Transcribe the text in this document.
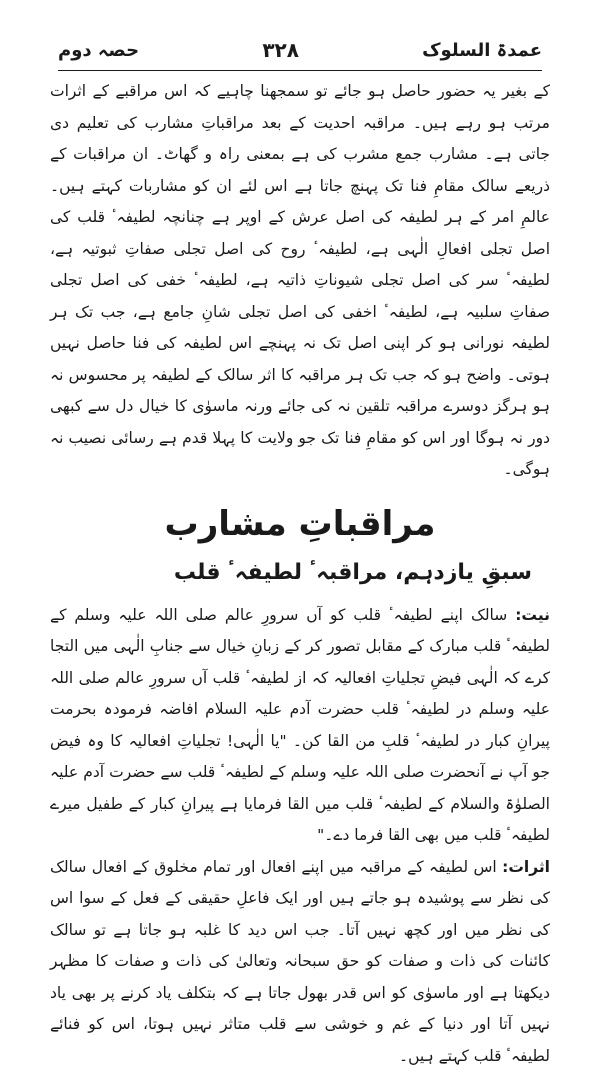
عمدۃ السلوک
۳۲۸
حصہ دوم

کے بغیر یہ حضور حاصل ہو جائے تو سمجھنا چاہیے کہ اس مراقبے کے اثرات مرتب ہو رہے ہیں۔ مراقبہ احدیت کے بعد مراقباتِ مشارب کی تعلیم دی جاتی ہے۔ مشارب جمع مشرب کی ہے بمعنی راہ و گھاٹ۔ ان مراقبات کے ذریعے سالک مقامِ فنا تک پہنچ جاتا ہے اس لئے ان کو مشاربات کہتے ہیں۔ عالمِ امر کے ہر لطیفہ کی اصل عرش کے اوپر ہے چنانچہ لطیفہٴ قلب کی اصل تجلی افعالِ الٰہی ہے، لطیفہٴ روح کی اصل تجلی صفاتِ ثبوتیہ ہے، لطیفہٴ سر کی اصل تجلی شیوناتِ ذاتیہ ہے، لطیفہٴ خفی کی اصل تجلی صفاتِ سلبیہ ہے، لطیفہٴ اخفی کی اصل تجلی شانِ جامع ہے، جب تک ہر لطیفہ نورانی ہو کر اپنی اصل تک نہ پہنچے اس لطیفہ کی فنا حاصل نہیں ہوتی۔ واضح ہو کہ جب تک ہر مراقبہ کا اثر سالک کے لطیفہ پر محسوس نہ ہو ہرگز دوسرے مراقبہ تلقین نہ کی جائے ورنہ ماسوٰی کا خیال دل سے کبھی دور نہ ہوگا اور اس کو مقامِ فنا تک جو ولایت کا پہلا قدم ہے رسائی نصیب نہ ہوگی۔

مراقباتِ مشارب
سبقِ یازدہم، مراقبہٴ لطیفہٴ قلب

نیت: سالک اپنے لطیفہٴ قلب کو آں سرورِ عالم صلی اللہ علیہ وسلم کے لطیفہٴ قلب مبارک کے مقابل تصور کر کے زبانِ خیال سے جنابِ الٰہی میں التجا کرے کہ الٰہی فیضِ تجلیاتِ افعالیہ کہ از لطیفہٴ قلب آں سرورِ عالم صلی اللہ علیہ وسلم در لطیفہٴ قلب حضرت آدم علیہ السلام افاضہ فرمودہ بحرمت پیرانِ کبار در لطیفہٴ قلبِ من القا کن۔ "یا الٰہی! تجلیاتِ افعالیہ کا وہ فیض جو آپ نے آنحضرت صلی اللہ علیہ وسلم کے لطیفہٴ قلب سے حضرت آدم علیہ الصلوٰۃ والسلام کے لطیفہٴ قلب میں القا فرمایا ہے پیرانِ کبار کے طفیل میرے لطیفہٴ قلب میں بھی القا فرما دے۔"

اثرات: اس لطیفہ کے مراقبہ میں اپنے افعال اور تمام مخلوق کے افعال سالک کی نظر سے پوشیدہ ہو جاتے ہیں اور ایک فاعلِ حقیقی کے فعل کے سوا اس کی نظر میں اور کچھ نہیں آتا۔ جب اس دید کا غلبہ ہو جاتا ہے تو سالک کائنات کی ذات و صفات کو حق سبحانہ وتعالیٰ کی ذات و صفات کا مظہر دیکھتا ہے اور ماسوٰی کو اس قدر بھول جاتا ہے کہ بتکلف یاد کرنے پر بھی یاد نہیں آتا اور دنیا کے غم و خوشی سے قلب متاثر نہیں ہوتا، اس کو فنائے لطیفہٴ قلب کہتے ہیں۔
